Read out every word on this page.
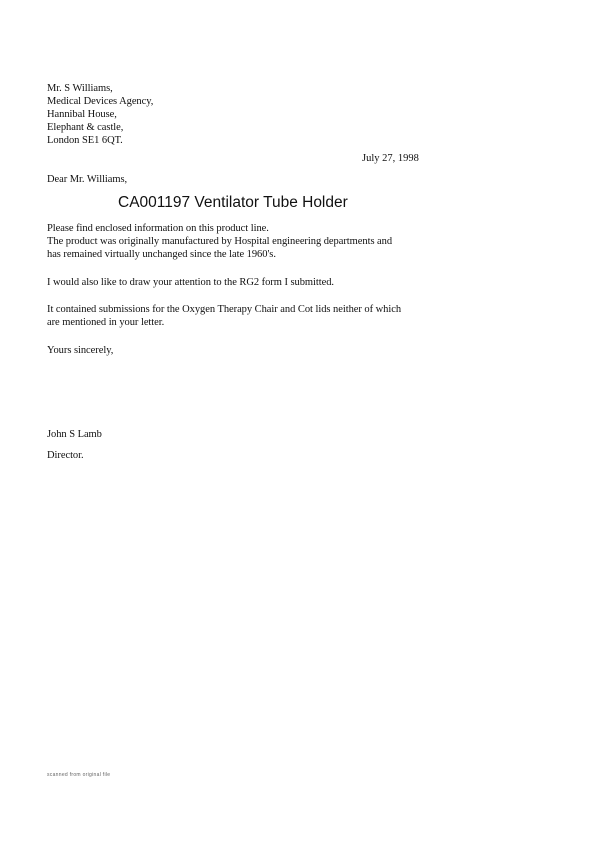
Mr. S Williams,
Medical Devices Agency,
Hannibal House,
Elephant & castle,
London SE1 6QT.
July 27, 1998
Dear Mr. Williams,
CA001197 Ventilator Tube Holder
Please find enclosed information on this product line.
The product was originally manufactured by Hospital engineering departments and
has remained virtually unchanged since the late 1960's.
I would also like to draw your attention to the RG2 form I submitted.
It contained submissions for the Oxygen Therapy Chair and Cot lids neither of which
are mentioned in your letter.
Yours sincerely,
John S Lamb
Director.
scanned from original file
